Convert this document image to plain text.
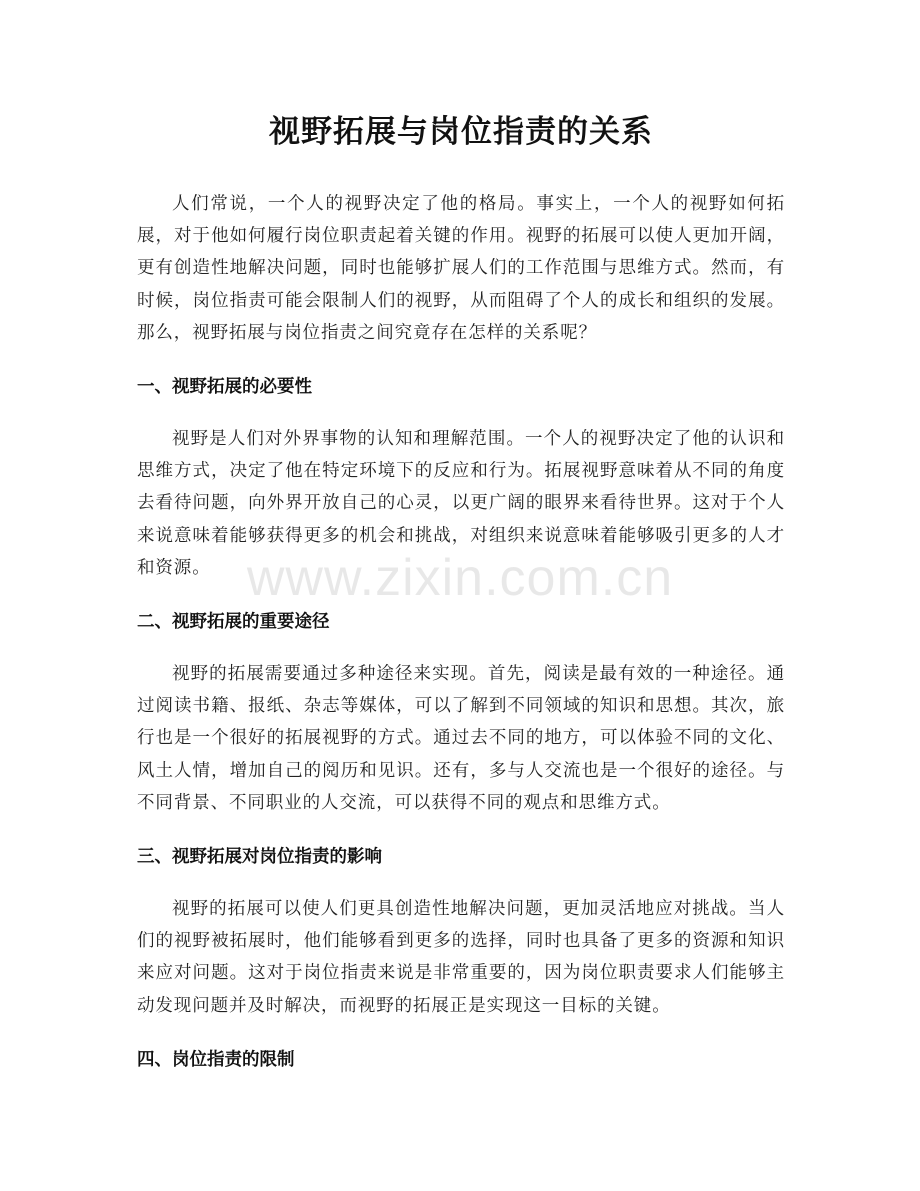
视野拓展与岗位指责的关系

人们常说，一个人的视野决定了他的格局。事实上，一个人的视野如何拓展，对于他如何履行岗位职责起着关键的作用。视野的拓展可以使人更加开阔，更有创造性地解决问题，同时也能够扩展人们的工作范围与思维方式。然而，有时候，岗位指责可能会限制人们的视野，从而阻碍了个人的成长和组织的发展。那么，视野拓展与岗位指责之间究竟存在怎样的关系呢？

一、视野拓展的必要性

视野是人们对外界事物的认知和理解范围。一个人的视野决定了他的认识和思维方式，决定了他在特定环境下的反应和行为。拓展视野意味着从不同的角度去看待问题，向外界开放自己的心灵，以更广阔的眼界来看待世界。这对于个人来说意味着能够获得更多的机会和挑战，对组织来说意味着能够吸引更多的人才和资源。

二、视野拓展的重要途径

视野的拓展需要通过多种途径来实现。首先，阅读是最有效的一种途径。通过阅读书籍、报纸、杂志等媒体，可以了解到不同领域的知识和思想。其次，旅行也是一个很好的拓展视野的方式。通过去不同的地方，可以体验不同的文化、风土人情，增加自己的阅历和见识。还有，多与人交流也是一个很好的途径。与不同背景、不同职业的人交流，可以获得不同的观点和思维方式。

三、视野拓展对岗位指责的影响

视野的拓展可以使人们更具创造性地解决问题，更加灵活地应对挑战。当人们的视野被拓展时，他们能够看到更多的选择，同时也具备了更多的资源和知识来应对问题。这对于岗位指责来说是非常重要的，因为岗位职责要求人们能够主动发现问题并及时解决，而视野的拓展正是实现这一目标的关键。

四、岗位指责的限制
www.zixin.com.cn
